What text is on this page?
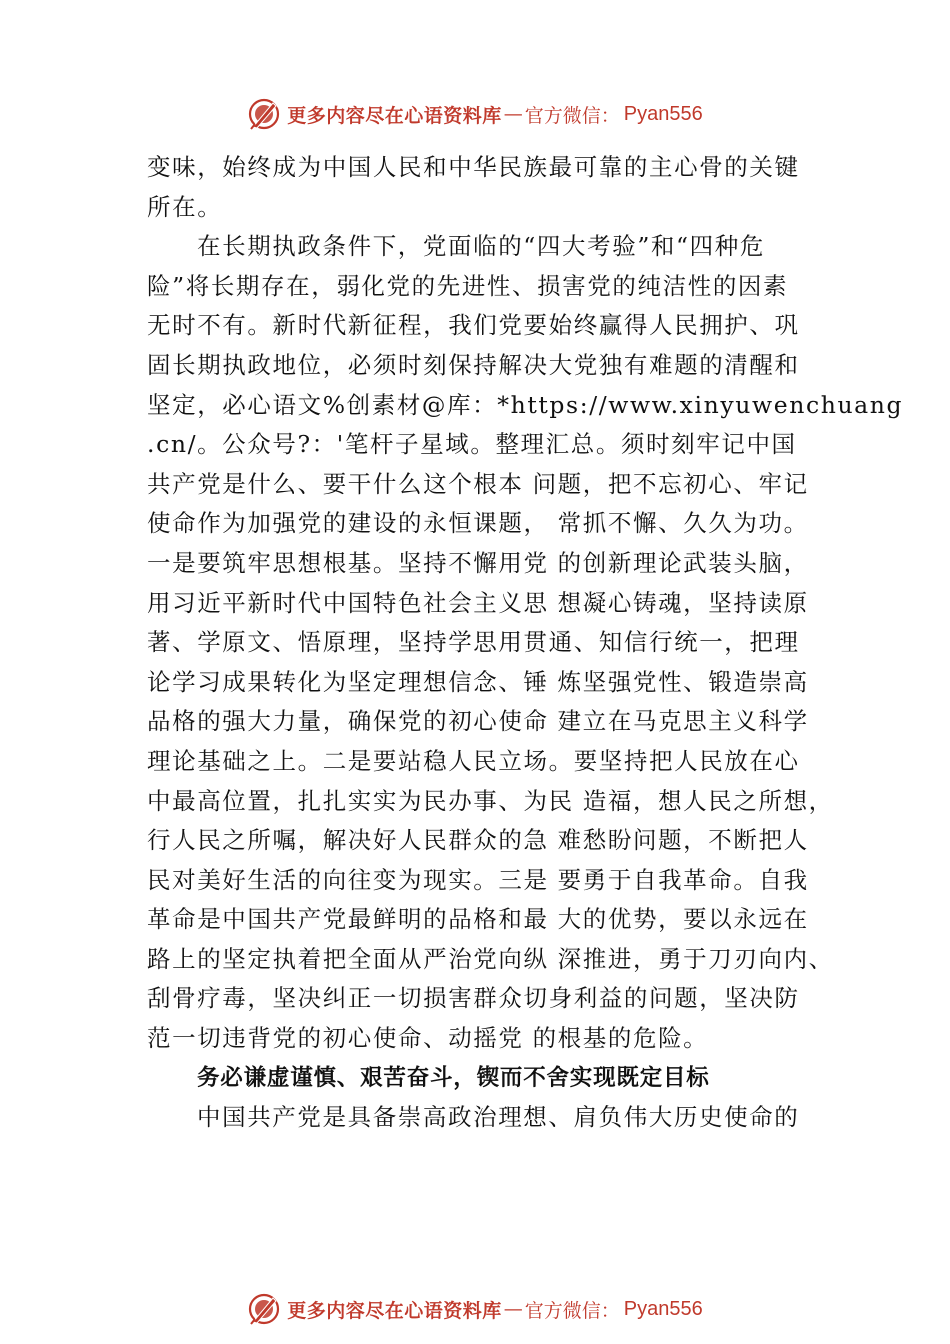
更多内容尽在心语资料库 — 官方微信： Pyan556
变味，始终成为中国人民和中华民族最可靠的主心骨的关键
所在。
在长期执政条件下，党面临的“四大考验”和“四种危
险”将长期存在，弱化党的先进性、损害党的纯洁性的因素
无时不有。新时代新征程，我们党要始终赢得人民拥护、巩
固长期执政地位，必须时刻保持解决大党独有难题的清醒和
坚定，必心语文%创素材@库：*https://www.xinyuwenchuang
.cn/。公众号?：'笔杆子星域。整理汇总。须时刻牢记中国
共产党是什么、要干什么这个根本 问题，把不忘初心、牢记
使命作为加强党的建设的永恒课题， 常抓不懈、久久为功。
一是要筑牢思想根基。坚持不懈用党 的创新理论武装头脑，
用习近平新时代中国特色社会主义思 想凝心铸魂，坚持读原
著、学原文、悟原理，坚持学思用贯通、知信行统一，把理
论学习成果转化为坚定理想信念、锤 炼坚强党性、锻造崇高
品格的强大力量，确保党的初心使命 建立在马克思主义科学
理论基础之上。二是要站稳人民立场。要坚持把人民放在心
中最高位置，扎扎实实为民办事、为民 造福，想人民之所想，
行人民之所嘱，解决好人民群众的急 难愁盼问题，不断把人
民对美好生活的向往变为现实。三是 要勇于自我革命。自我
革命是中国共产党最鲜明的品格和最 大的优势，要以永远在
路上的坚定执着把全面从严治党向纵 深推进，勇于刀刃向内、
刮骨疗毒，坚决纠正一切损害群众切身利益的问题，坚决防
范一切违背党的初心使命、动摇党 的根基的危险。
务必谦虚谨慎、艰苦奋斗，锲而不舍实现既定目标
中国共产党是具备崇高政治理想、肩负伟大历史使命的
更多内容尽在心语资料库 — 官方微信： Pyan556
